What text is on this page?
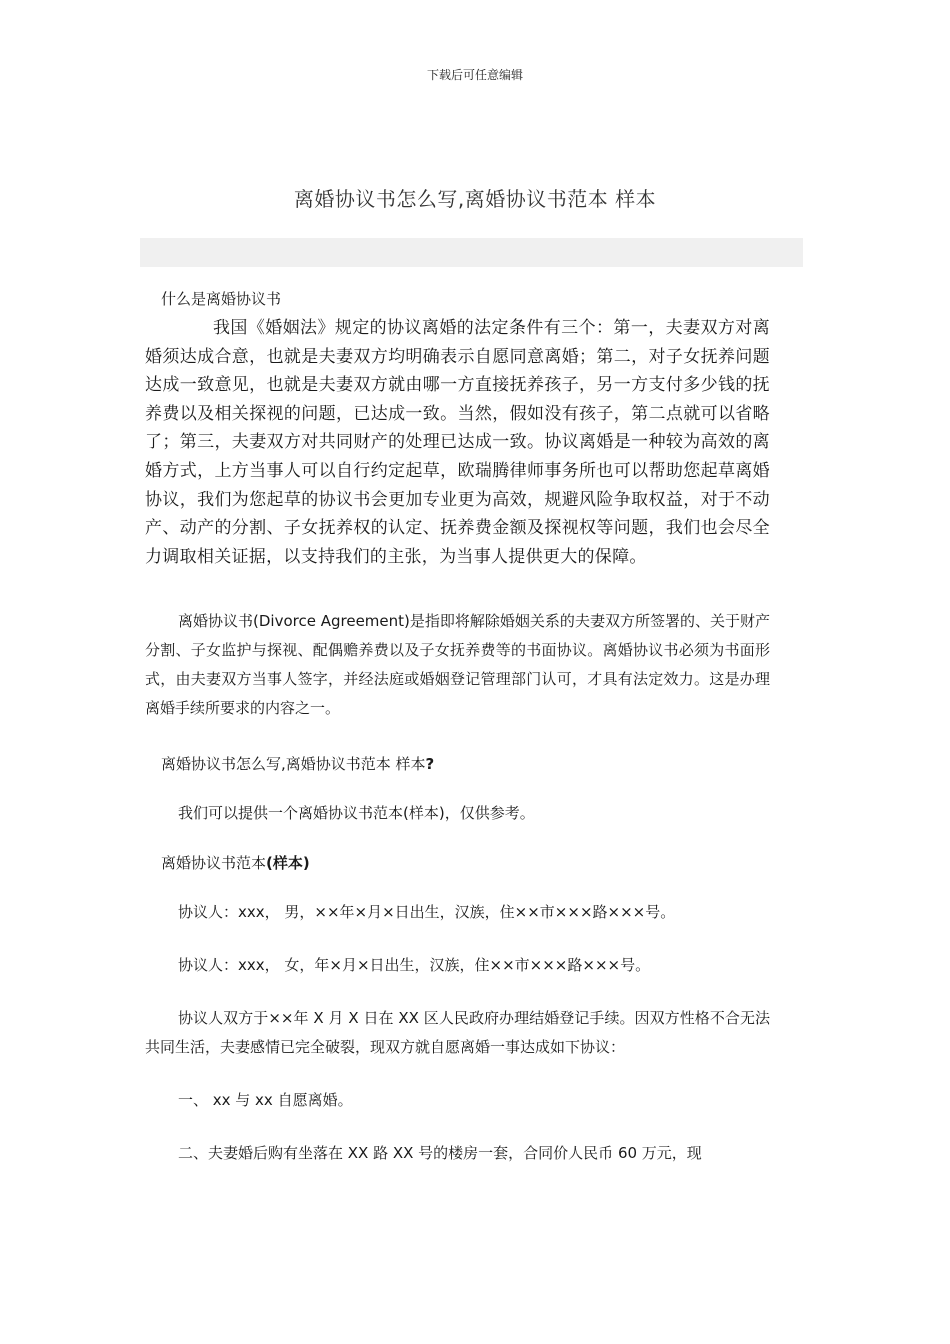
下载后可任意编辑
离婚协议书怎么写,离婚协议书范本 样本
什么是离婚协议书

我国《婚姻法》规定的协议离婚的法定条件有三个：第一，夫妻双方对离婚须达成合意，也就是夫妻双方均明确表示自愿同意离婚；第二，对子女抚养问题达成一致意见，也就是夫妻双方就由哪一方直接抚养孩子，另一方支付多少钱的抚养费以及相关探视的问题，已达成一致。当然，假如没有孩子，第二点就可以省略了；第三，夫妻双方对共同财产的处理已达成一致。协议离婚是一种较为高效的离婚方式，上方当事人可以自行约定起草，欧瑞腾律师事务所也可以帮助您起草离婚协议，我们为您起草的协议书会更加专业更为高效，规避风险争取权益，对于不动产、动产的分割、子女抚养权的认定、抚养费金额及探视权等问题，我们也会尽全力调取相关证据，以支持我们的主张，为当事人提供更大的保障。

离婚协议书(Divorce Agreement)是指即将解除婚姻关系的夫妻双方所签署的、关于财产分割、子女监护与探视、配偶赡养费以及子女抚养费等的书面协议。离婚协议书必须为书面形式，由夫妻双方当事人签字，并经法庭或婚姻登记管理部门认可，才具有法定效力。这是办理离婚手续所要求的内容之一。

离婚协议书怎么写,离婚协议书范本 样本?

我们可以提供一个离婚协议书范本(样本)，仅供参考。

离婚协议书范本(样本)

协议人：xxx， 男，××年×月×日出生，汉族，住××市×××路×××号。

协议人：xxx， 女，年×月×日出生，汉族，住××市×××路×××号。

协议人双方于××年 X 月 X 日在 XX 区人民政府办理结婚登记手续。因双方性格不合无法共同生活，夫妻感情已完全破裂，现双方就自愿离婚一事达成如下协议：

一、 xx 与 xx 自愿离婚。

二、夫妻婚后购有坐落在 XX 路 XX 号的楼房一套，合同价人民币 60 万元，现
